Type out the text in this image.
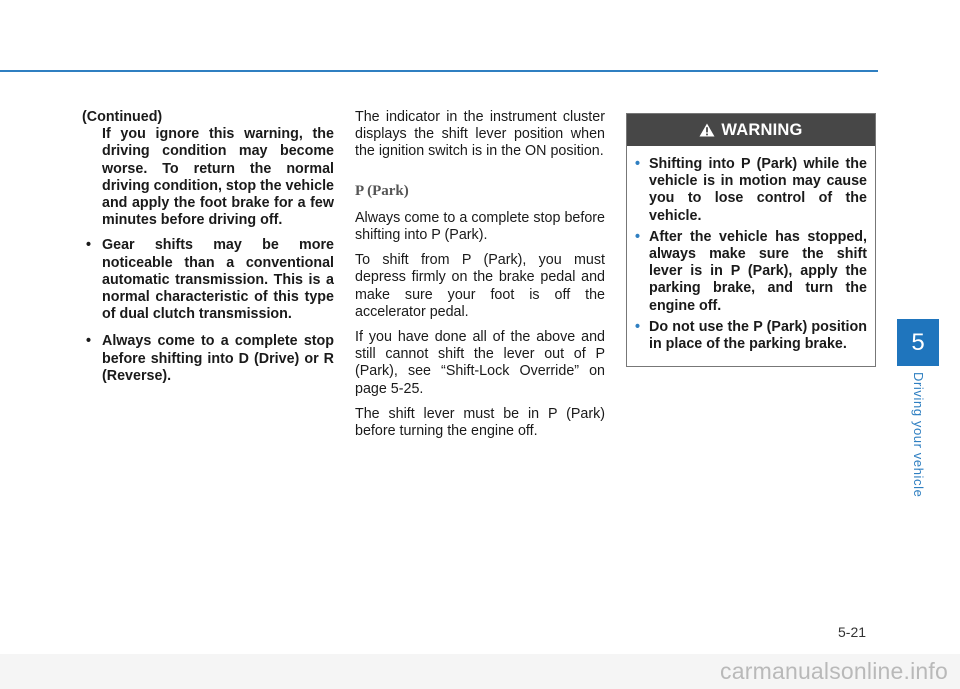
(Continued)

If you ignore this warning, the driving condition may become worse. To return the normal driving condition, stop the vehicle and apply the foot brake for a few minutes before driving off.

• Gear shifts may be more noticeable than a conventional automatic transmission. This is a normal characteristic of this type of dual clutch transmission.
• Always come to a complete stop before shifting into D (Drive) or R (Reverse).

The indicator in the instrument cluster displays the shift lever position when the ignition switch is in the ON position.

P (Park)

Always come to a complete stop before shifting into P (Park).

To shift from P (Park), you must depress firmly on the brake pedal and make sure your foot is off the accelerator pedal.

If you have done all of the above and still cannot shift the lever out of P (Park), see “Shift-Lock Override” on page 5-25.

The shift lever must be in P (Park) before turning the engine off.

WARNING
• Shifting into P (Park) while the vehicle is in motion may cause you to lose control of the vehicle.
• After the vehicle has stopped, always make sure the shift lever is in P (Park), apply the parking brake, and turn the engine off.
• Do not use the P (Park) position in place of the parking brake.	5
Driving your vehicle
5-21
carmanualsonline.info
